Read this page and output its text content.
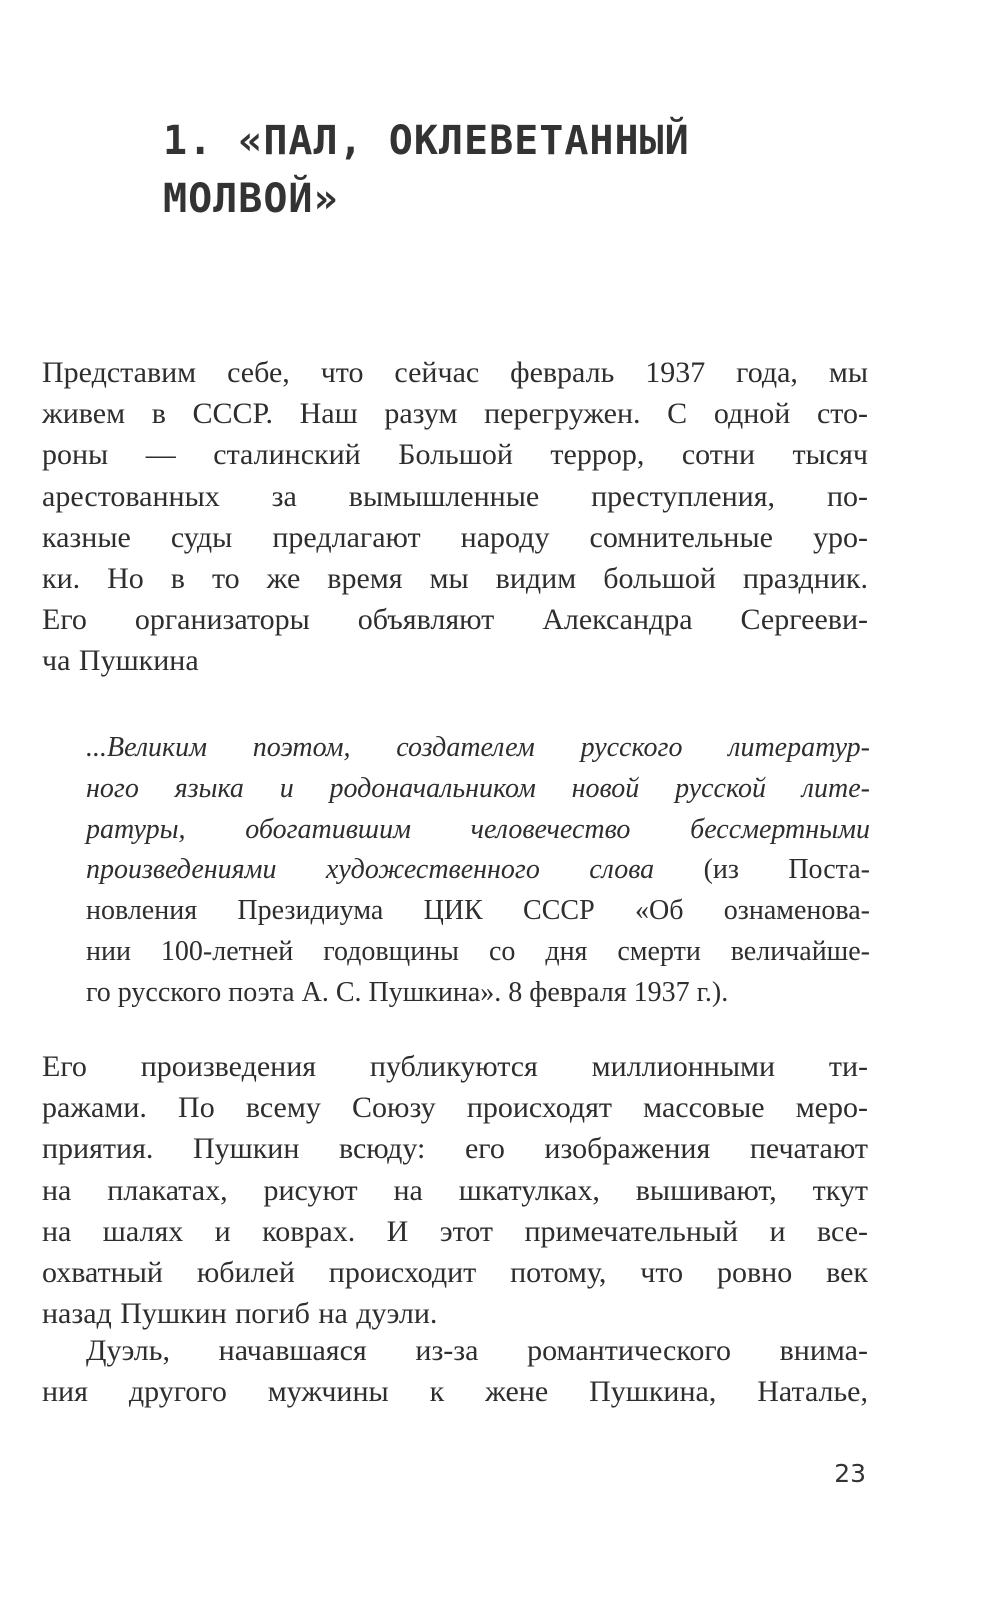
1. «ПАЛ, ОКЛЕВЕТАННЫЙ
МОЛВОЙ»

Представим себе, что сейчас февраль 1937 года, мы
живем в СССР. Наш разум перегружен. С одной сто-
роны — сталинский Большой террор, сотни тысяч
арестованных за вымышленные преступления, по-
казные суды предлагают народу сомнительные уро-
ки. Но в то же время мы видим большой праздник.
Его организаторы объявляют Александра Сергееви-
ча Пушкина

...Великим поэтом, создателем русского литератур-
ного языка и родоначальником новой русской лите-
ратуры, обогатившим человечество бессмертными
произведениями художественного слова (из Поста-
новления Президиума ЦИК СССР «Об ознаменова-
нии 100-летней годовщины со дня смерти величайше-
го русского поэта А. С. Пушкина». 8 февраля 1937 г.).

Его произведения публикуются миллионными ти-
ражами. По всему Союзу происходят массовые меро-
приятия. Пушкин всюду: его изображения печатают
на плакатах, рисуют на шкатулках, вышивают, ткут
на шалях и коврах. И этот примечательный и все-
охватный юбилей происходит потому, что ровно век
назад Пушкин погиб на дуэли.

Дуэль, начавшаяся из-за романтического внима-
ния другого мужчины к жене Пушкина, Наталье,

23
